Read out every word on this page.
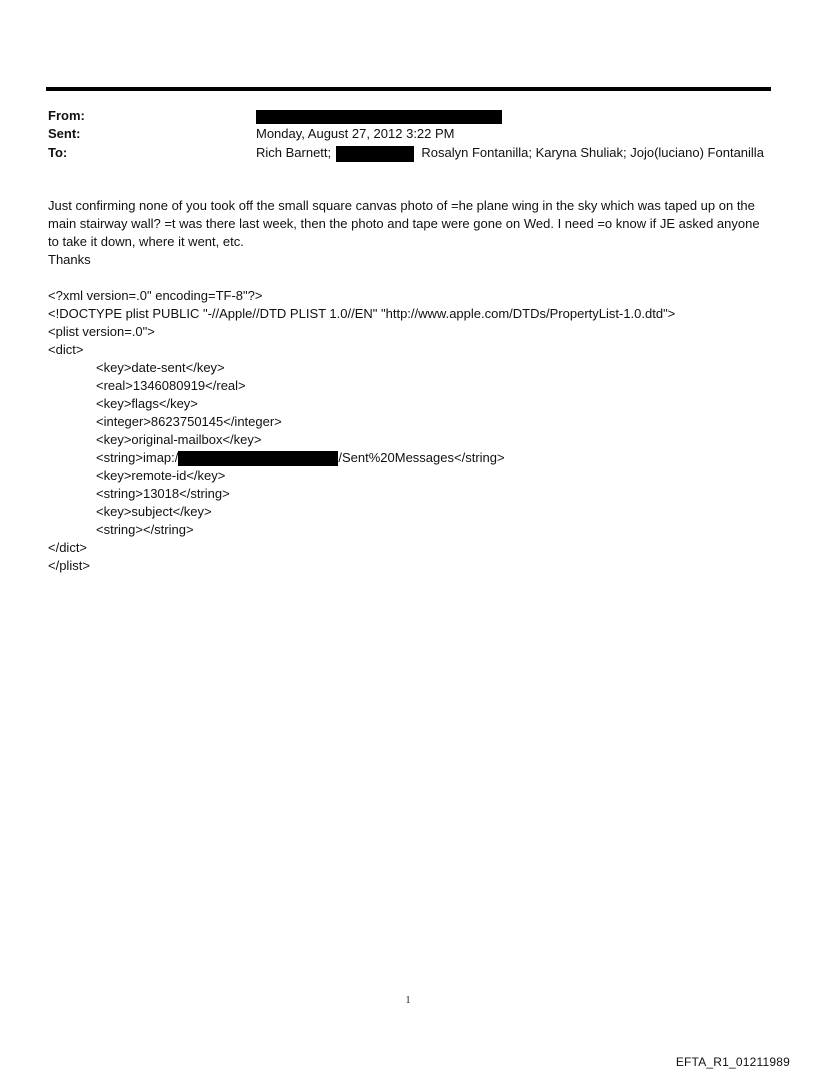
From:
Sent:	Monday, August 27, 2012 3:22 PM
To:	Rich Barnett;	Rosalyn Fontanilla; Karyna Shuliak; Jojo(luciano) Fontanilla

Just confirming none of you took off the small square canvas photo of =he plane wing in the sky which was taped up on the main stairway wall? =t was there last week, then the photo and tape were gone on Wed. I need =o know if JE asked anyone to take it down, where it went, etc.

Thanks

<?xml version=.0" encoding=TF-8"?>
<!DOCTYPE plist PUBLIC "-//Apple//DTD PLIST 1.0//EN" "http://www.apple.com/DTDs/PropertyList-1.0.dtd">
<plist version=.0">
<dict>
<key>date-sent</key>
<real>1346080919</real>
<key>flags</key>
<integer>8623750145</integer>
<key>original-mailbox</key>
<string>imap:/	/Sent%20Messages</string>
<key>remote-id</key>
<string>13018</string>
<key>subject</key>
<string></string>
</dict>
</plist>
1
EFTA_R1_01211989
